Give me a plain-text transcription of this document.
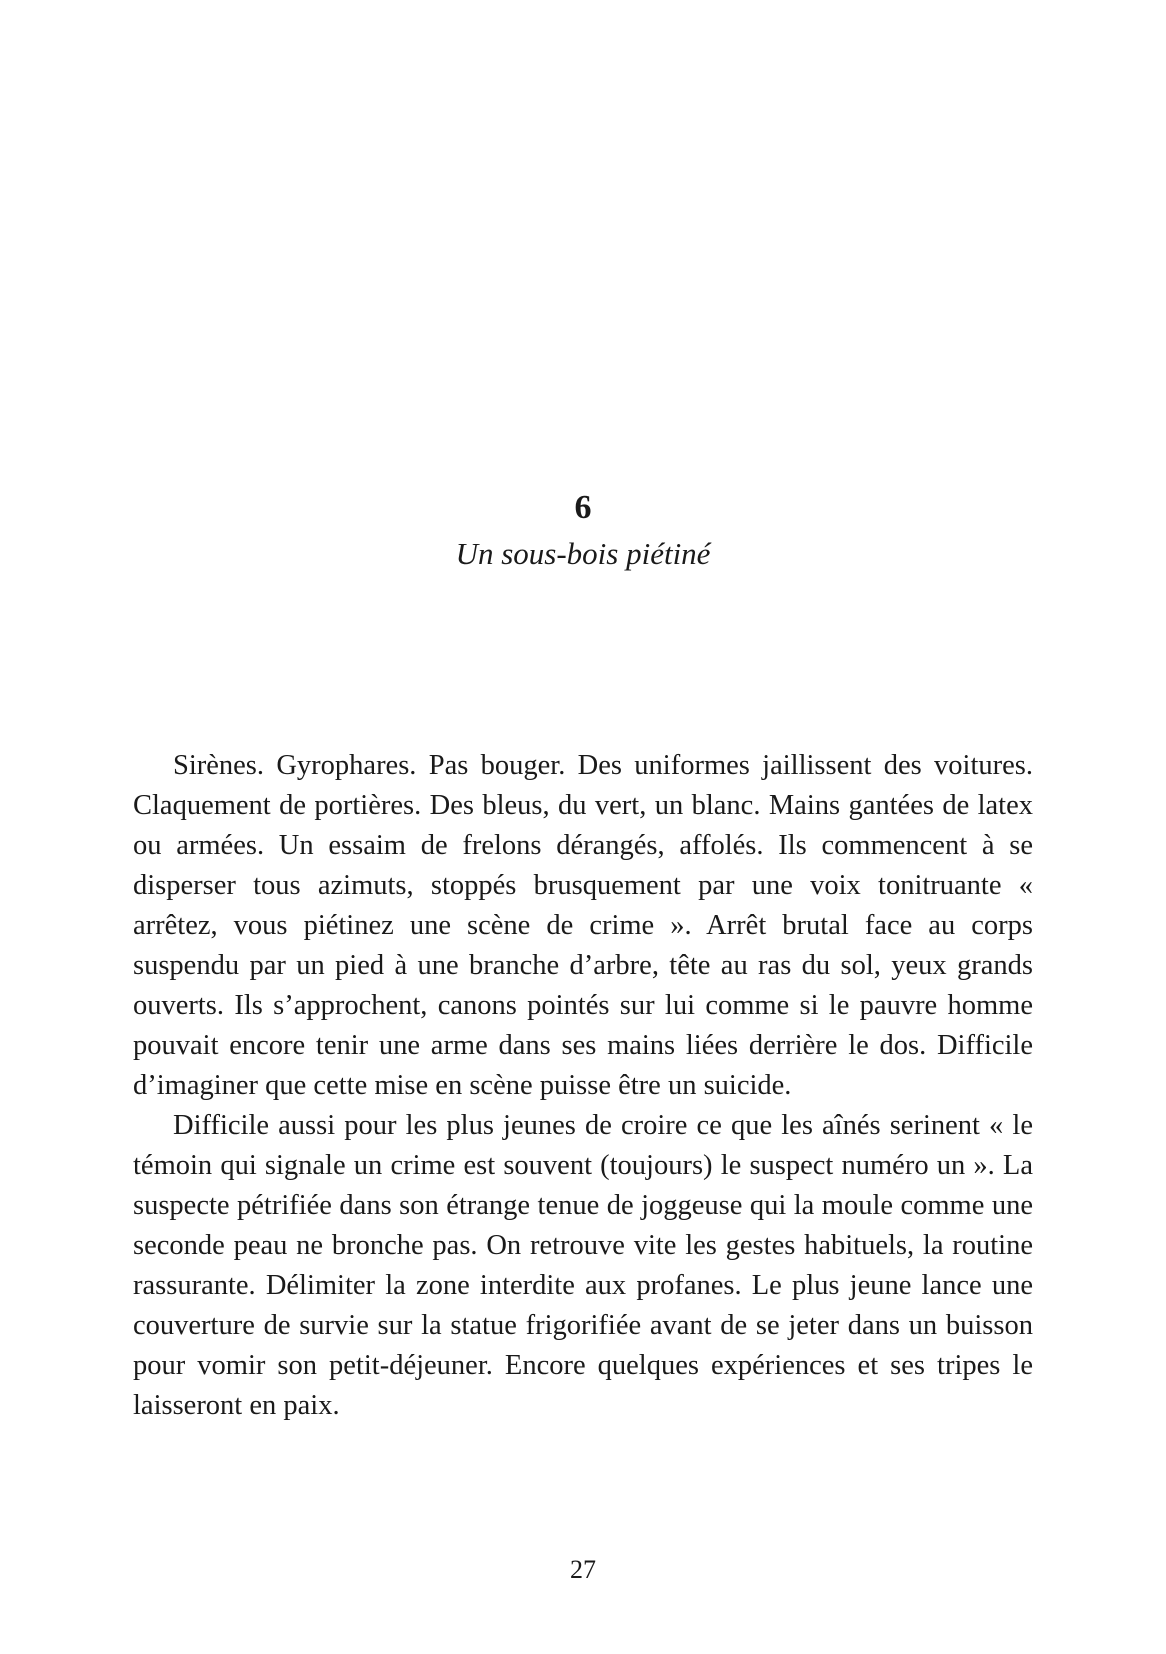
6
Un sous-bois piétiné

Sirènes. Gyrophares. Pas bouger. Des uniformes jaillissent des voitures. Claquement de portières. Des bleus, du vert, un blanc. Mains gantées de latex ou armées. Un essaim de frelons dérangés, affolés. Ils commencent à se disperser tous azimuts, stoppés brusquement par une voix tonitruante « arrêtez, vous piétinez une scène de crime ». Arrêt brutal face au corps suspendu par un pied à une branche d’arbre, tête au ras du sol, yeux grands ouverts. Ils s’approchent, canons pointés sur lui comme si le pauvre homme pouvait encore tenir une arme dans ses mains liées derrière le dos. Difficile d’imaginer que cette mise en scène puisse être un suicide.

Difficile aussi pour les plus jeunes de croire ce que les aînés serinent « le témoin qui signale un crime est souvent (toujours) le suspect numéro un ». La suspecte pétrifiée dans son étrange tenue de joggeuse qui la moule comme une seconde peau ne bronche pas. On retrouve vite les gestes habituels, la routine rassurante. Délimiter la zone interdite aux profanes. Le plus jeune lance une couverture de survie sur la statue frigorifiée avant de se jeter dans un buisson pour vomir son petit-déjeuner. Encore quelques expériences et ses tripes le laisseront en paix.

27
